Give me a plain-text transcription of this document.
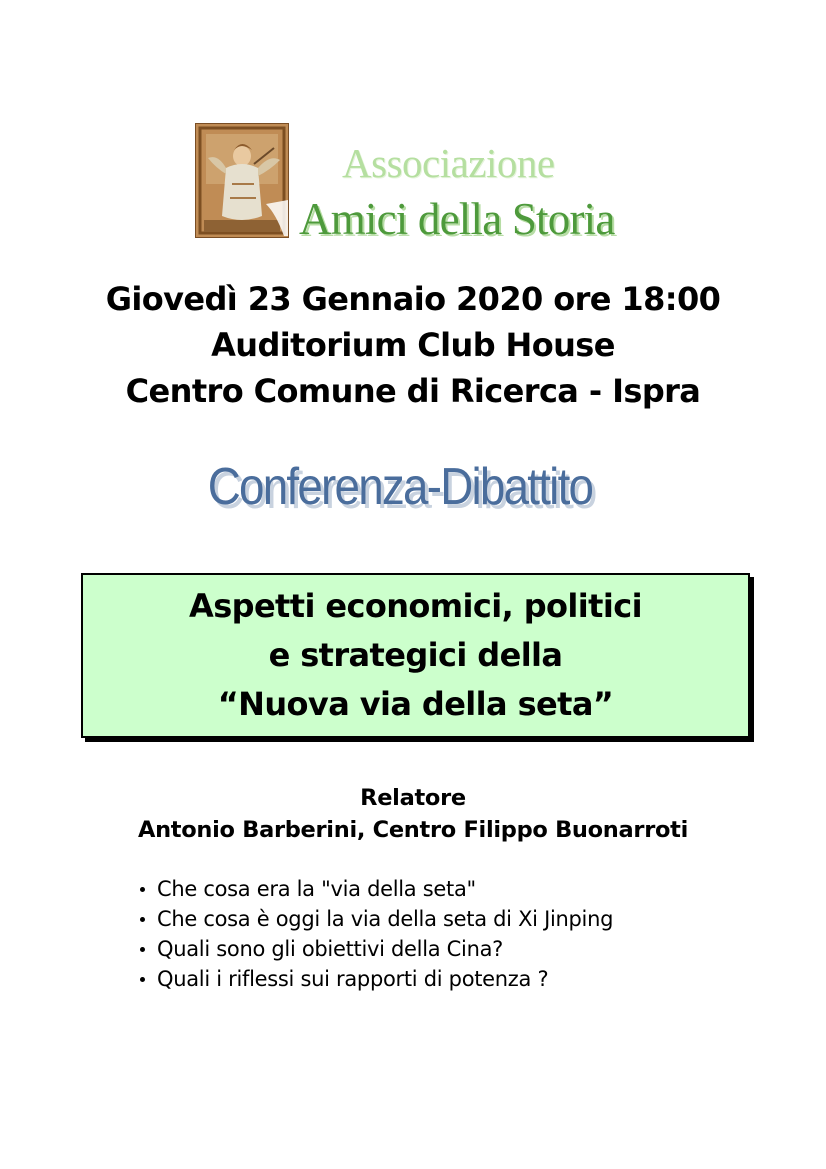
Associazione
Amici della Storia
Giovedì 23 Gennaio 2020 ore 18:00
Auditorium Club House
Centro Comune di Ricerca - Ispra
Conferenza-Dibattito
Aspetti economici, politici
e strategici della
“Nuova via della seta”
Relatore
Antonio Barberini, Centro Filippo Buonarroti
Che cosa era la "via della seta"
Che cosa è oggi la via della seta di Xi Jinping
Quali sono gli obiettivi della Cina?
Quali i riflessi sui rapporti di potenza ?
